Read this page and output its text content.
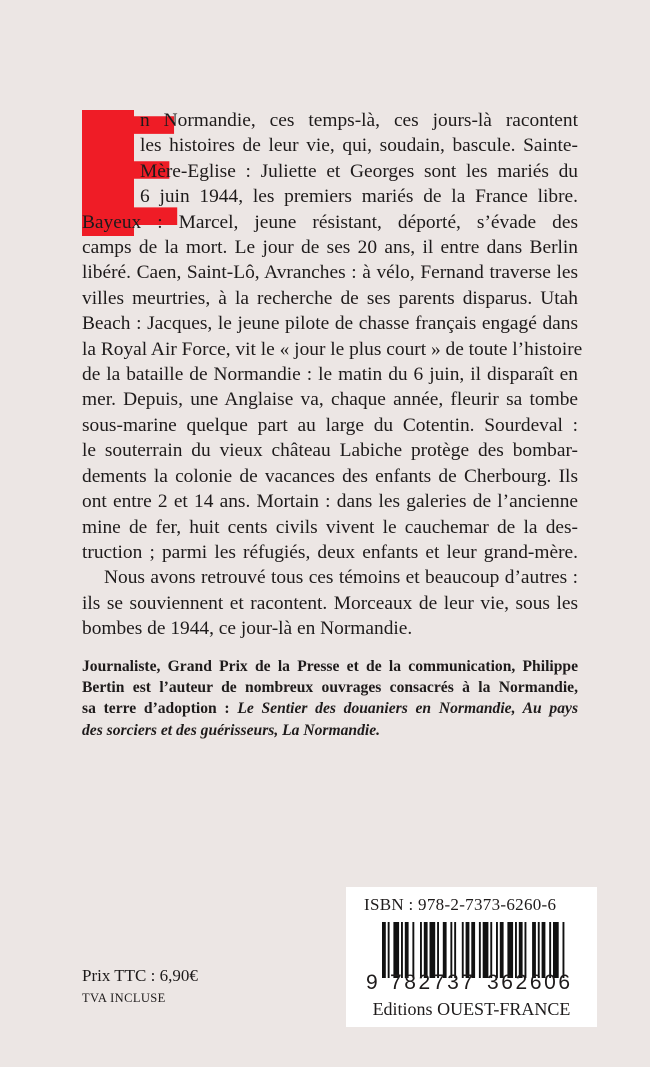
E

n Normandie, ces temps-là, ces jours-là racontent
les histoires de leur vie, qui, soudain, bascule. Sainte-
Mère-Eglise : Juliette et Georges sont les mariés du
6 juin 1944, les premiers mariés de la France libre.
Bayeux : Marcel, jeune résistant, déporté, s’évade des
camps de la mort. Le jour de ses 20 ans, il entre dans Berlin
libéré. Caen, Saint-Lô, Avranches : à vélo, Fernand traverse les
villes meurtries, à la recherche de ses parents disparus. Utah
Beach : Jacques, le jeune pilote de chasse français engagé dans
la Royal Air Force, vit le « jour le plus court » de toute l’histoire
de la bataille de Normandie : le matin du 6 juin, il disparaît en
mer. Depuis, une Anglaise va, chaque année, fleurir sa tombe
sous-marine quelque part au large du Cotentin. Sourdeval :
le souterrain du vieux château Labiche protège des bombar-
dements la colonie de vacances des enfants de Cherbourg. Ils
ont entre 2 et 14 ans. Mortain : dans les galeries de l’ancienne
mine de fer, huit cents civils vivent le cauchemar de la des-
truction ; parmi les réfugiés, deux enfants et leur grand-mère.

Nous avons retrouvé tous ces témoins et beaucoup d’autres :
ils se souviennent et racontent. Morceaux de leur vie, sous les
bombes de 1944, ce jour-là en Normandie.

Journaliste, Grand Prix de la Presse et de la communication, Philippe
Bertin est l’auteur de nombreux ouvrages consacrés à la Normandie,
sa terre d’adoption : Le Sentier des douaniers en Normandie, Au pays
des sorciers et des guérisseurs, La Normandie.
Prix TTC : 6,90€
TVA INCLUSE
ISBN : 978-2-7373-6260-6
9 782737 362606
Editions OUEST-FRANCE
